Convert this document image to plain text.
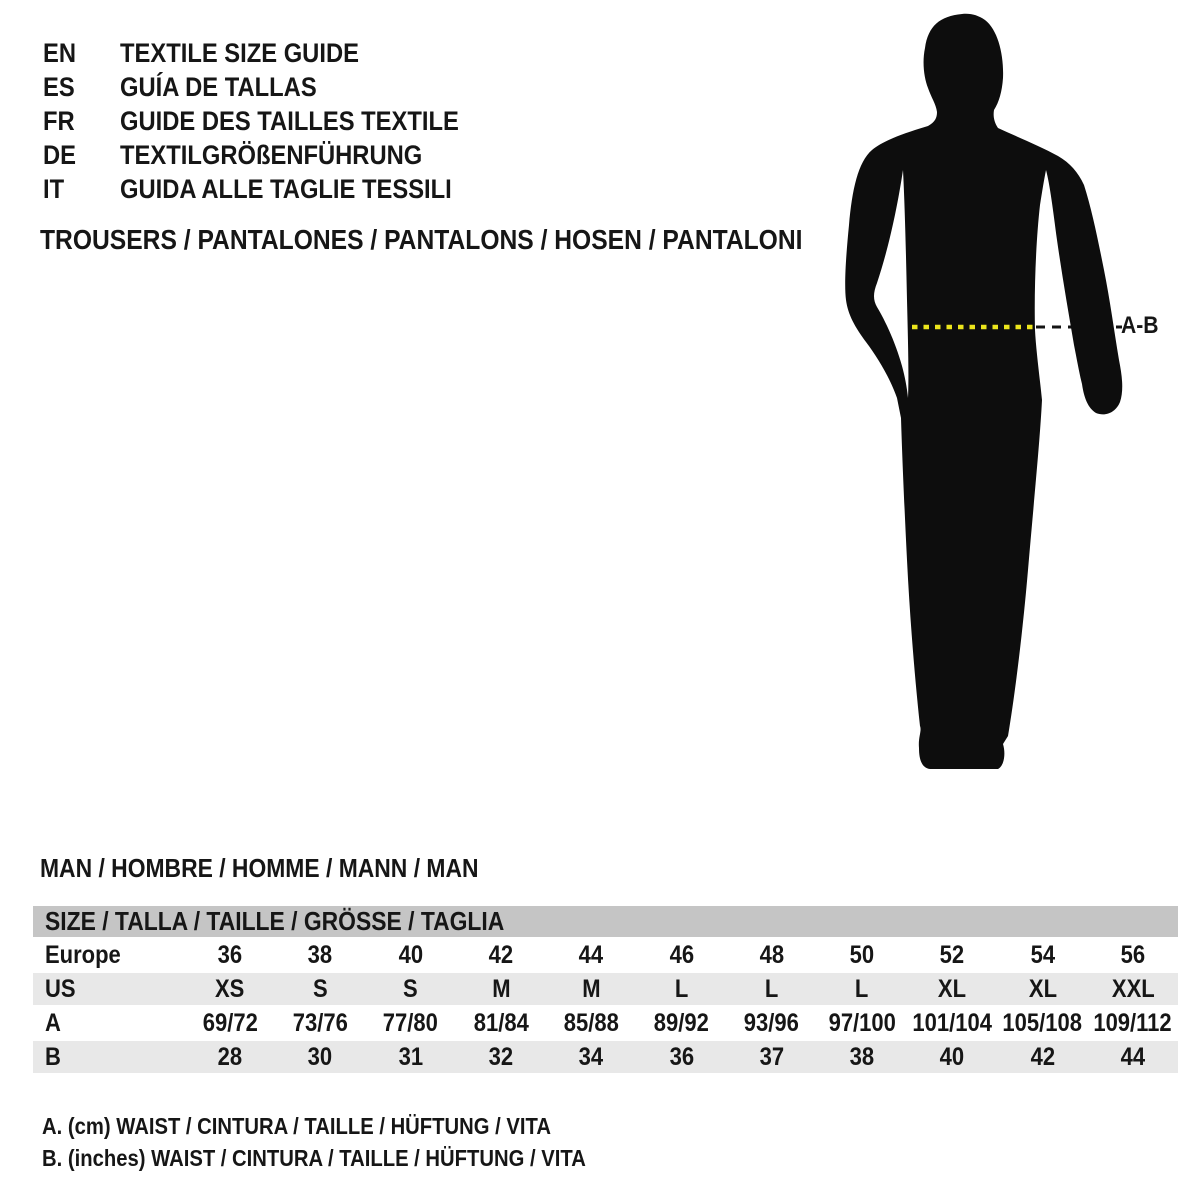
EN	TEXTILE SIZE GUIDE
ES	GUÍA DE TALLAS
FR	GUIDE DES TAILLES TEXTILE
DE	TEXTILGRÖßENFÜHRUNG
IT	GUIDA ALLE TAGLIE TESSILI
TROUSERS / PANTALONES / PANTALONS / HOSEN / PANTALONI
A-B
MAN / HOMBRE / HOMME / MANN / MAN
SIZE / TALLA / TAILLE / GRÖSSE / TAGLIA
Europe	36	38	40	42	44	46	48	50	52	54	56
US	XS	S	S	M	M	L	L	L	XL XL XXL
A	69/72 73/76 77/80 81/84 85/88 89/92 93/96 97/100 101/104 105/108 109/112
B	28	30	31	32	34	36	37	38	40	42	44
A. (cm) WAIST / CINTURA / TAILLE / HÜFTUNG / VITA
B. (inches) WAIST / CINTURA / TAILLE / HÜFTUNG / VITA
